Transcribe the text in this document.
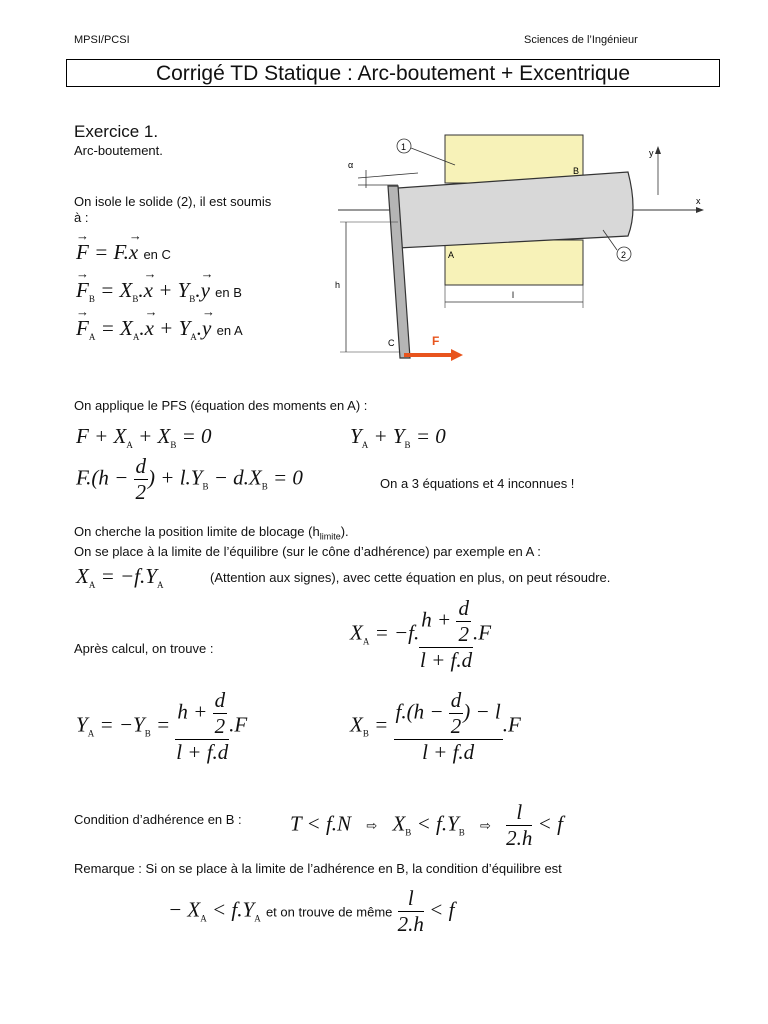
MPSI/PCSI	Sciences de l’Ingénieur
Corrigé TD Statique : Arc-boutement + Excentrique
Exercice 1.
Arc-boutement.
On isole le solide (2), il est soumis
à :
→ F = F.→ x en C
→ $F_B = X_B.\to x + Y_B.\to y$ en B
→ $F_A = X_A.\to x + Y_A.\to y$ en A
α
1
2
B
A
h
l
C	F
y
x
On applique le PFS (équation des moments en A) :
$F + X_A + X_B = 0$	$Y_A + Y_B = 0$
$F.(h - \frac{d}{2}$ ) + $l.Y_B - d.X_B = 0$	On a 3 équations et 4 inconnues !
On cherche la position limite de blocage $(h_{limite})$.
On se place à la limite de l’équilibre (sur le cône d’adhérence) par exemple en A :
$X_A = -f.Y_A$
(Attention aux signes), avec cette équation en plus, on peut résoudre.
Après calcul, on trouve :
$X_A = -f$. $\frac{h + \frac{d}{2}}{l + f.d} .F$
$Y_A = -Y_B = \frac{h + \frac{d}{2}}{l + f.d} .F$	$X_B = \frac{f.(h - \frac{d}{2} ) - l}{l + f.d} .F$
Condition d’adhérence en B : T < f.N ⇨ $X_B < f.Y_B$ ⇨ $\frac{l}{2.h} < f$
Remarque : Si on se place à la limite de l’adhérence en B, la condition d’équilibre est
− $X_A < f.Y_A$ et on trouve de même $\frac{l}{2.h} < f$
